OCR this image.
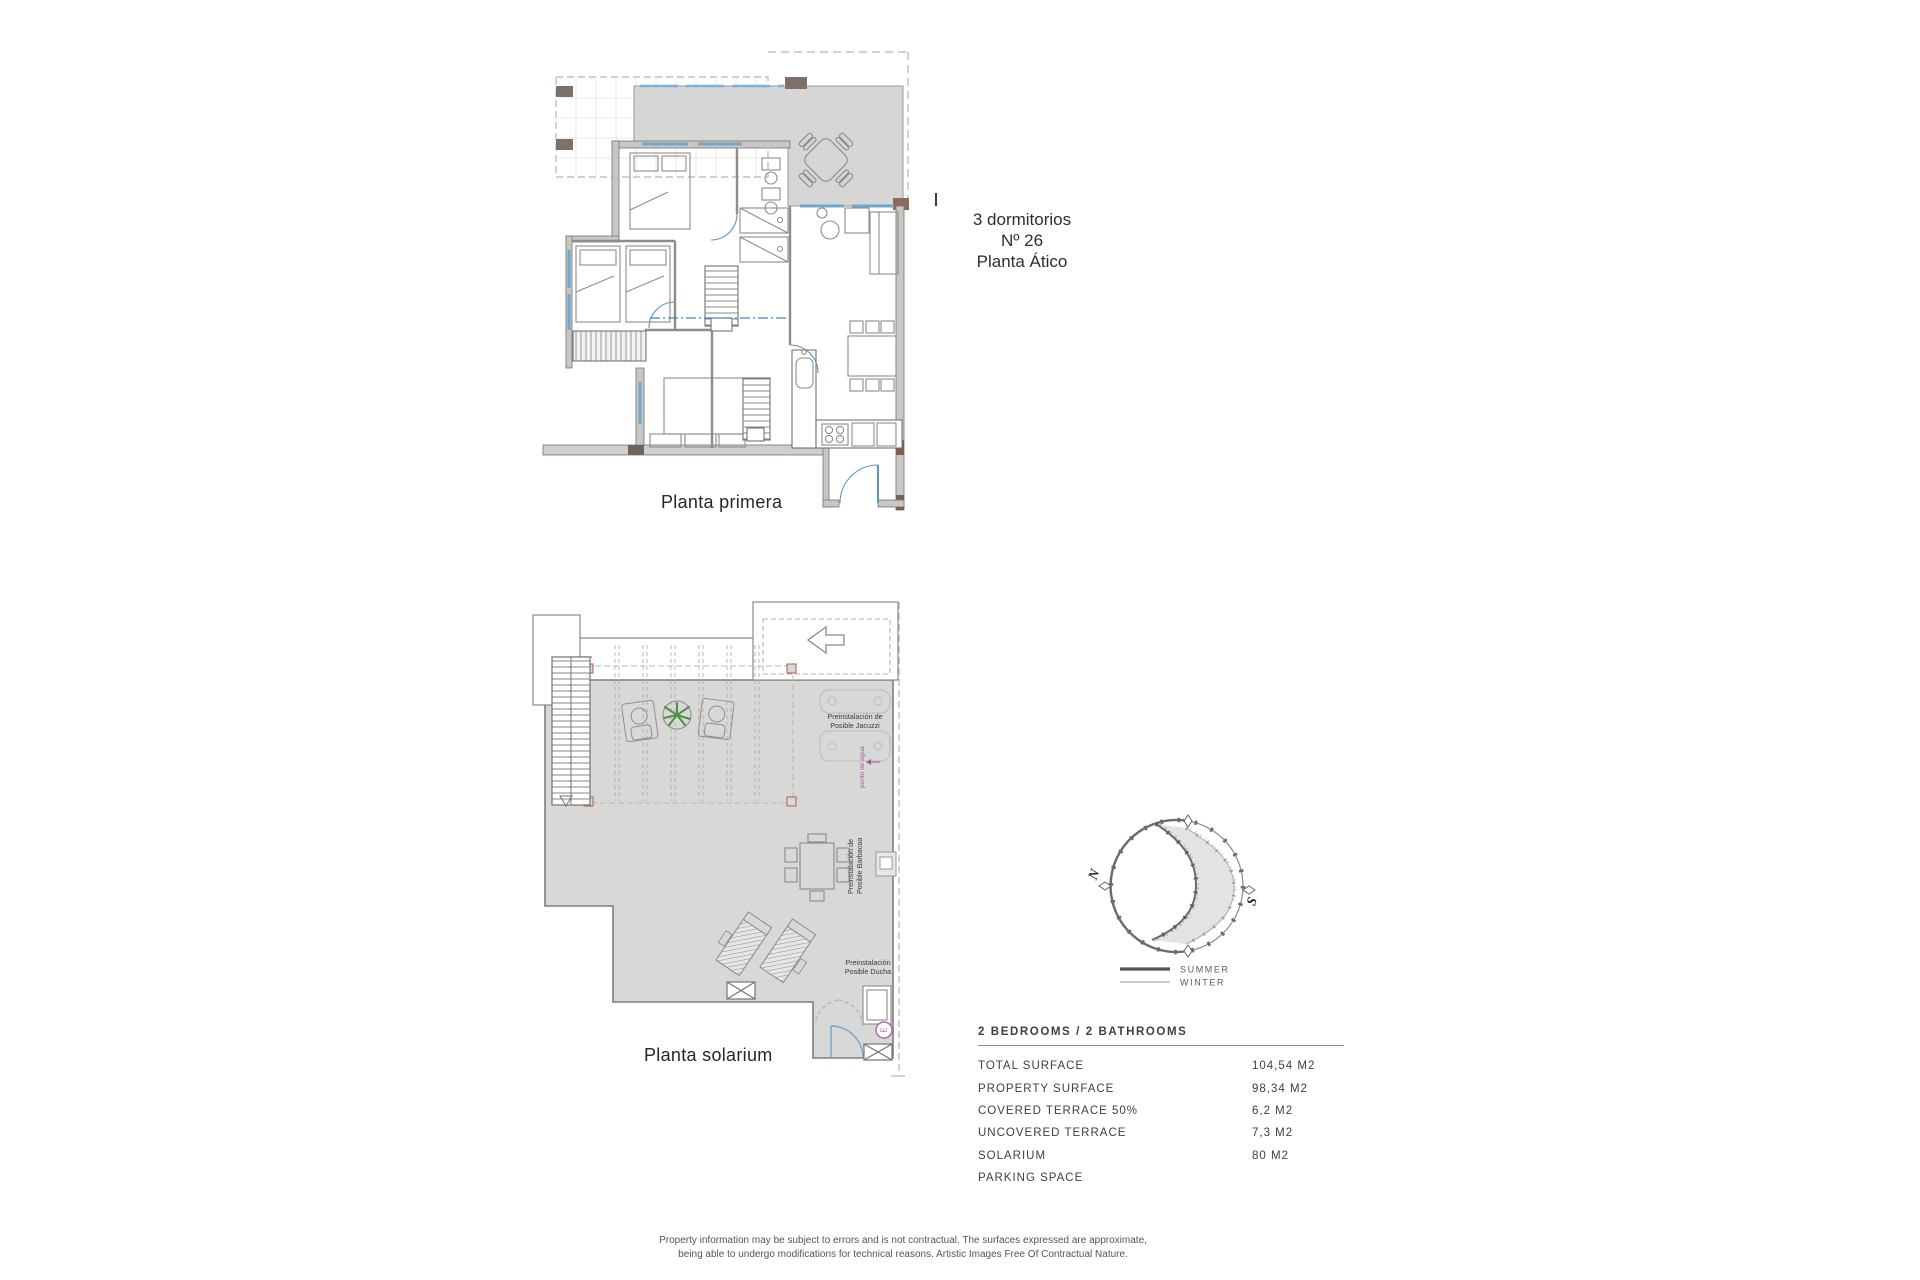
Preinstalación de
Posible Jacuzzi
punto de agua
Preinstalación de Posible Barbacoa
Preinstalación
Posible Ducha
E
5 6 7 8 9 10 11 12 13 14 15 16 17 18 19 20 21
7 8 9 10 11 12 13 14 15 16 17
N
S
SUMMER
WINTER
3 dormitorios
Nº 26
Planta Ático
Planta primera
Planta solarium
2 BEDROOMS / 2 BATHROOMS
TOTAL SURFACE	104,54 M2
PROPERTY SURFACE	98,34 M2
COVERED TERRACE 50%	6,2 M2
UNCOVERED TERRACE	7,3 M2
SOLARIUM	80 M2
PARKING SPACE
Property information may be subject to errors and is not contractual. The surfaces expressed are approximate,
being able to undergo modifications for technical reasons. Artistic Images Free Of Contractual Nature.
